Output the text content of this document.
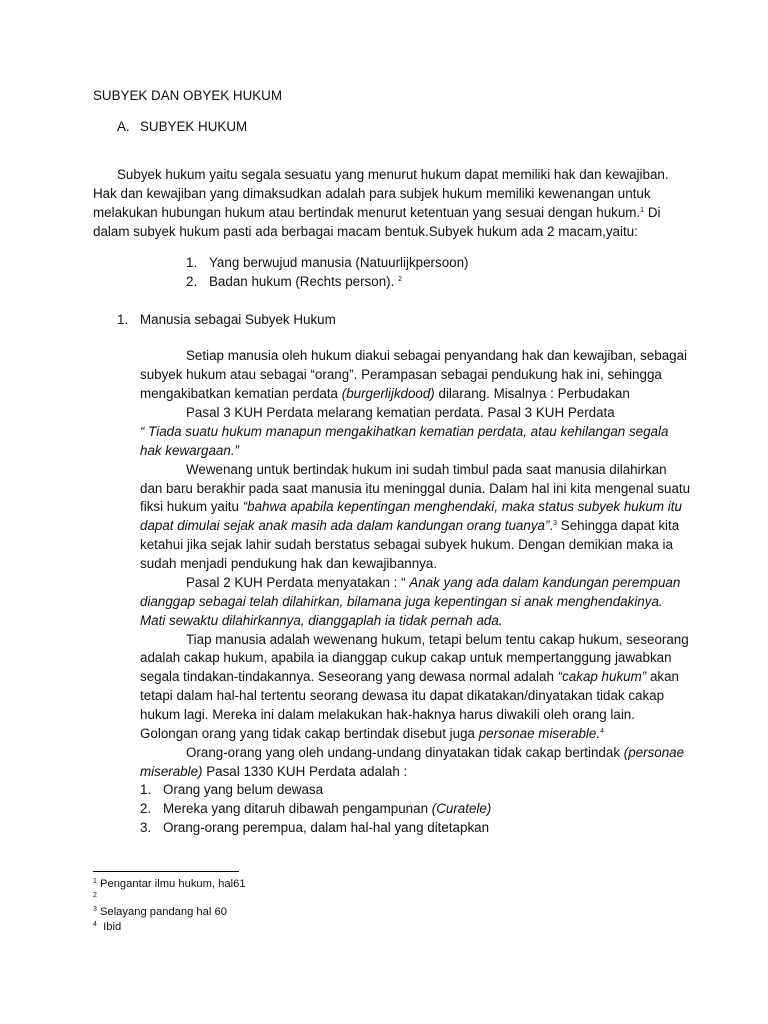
SUBYEK DAN OBYEK HUKUM
A. SUBYEK HUKUM
Subyek hukum yaitu segala sesuatu yang menurut hukum dapat memiliki hak dan kewajiban.
Hak dan kewajiban yang dimaksudkan adalah para subjek hukum memiliki kewenangan untuk
melakukan hubungan hukum atau bertindak menurut ketentuan yang sesuai dengan hukum.$^1$ Di
dalam subyek hukum pasti ada berbagai macam bentuk.Subyek hukum ada 2 macam,yaitu:
1. Yang berwujud manusia (Natuurlijkpersoon)
2. Badan hukum (Rechts person). $^2$
1. Manusia sebagai Subyek Hukum
Setiap manusia oleh hukum diakui sebagai penyandang hak dan kewajiban, sebagai
subyek hukum atau sebagai “orang”. Perampasan sebagai pendukung hak ini, sehingga
mengakibatkan kematian perdata (burgerlijkdood) dilarang. Misalnya : Perbudakan
Pasal 3 KUH Perdata melarang kematian perdata. Pasal 3 KUH Perdata
“ Tiada suatu hukum manapun mengakihatkan kematian perdata, atau kehilangan segala
hak kewargaan.”
Wewenang untuk bertindak hukum ini sudah timbul pada saat manusia dilahirkan
dan baru berakhir pada saat manusia itu meninggal dunia. Dalam hal ini kita mengenal suatu
fiksi hukum yaitu “bahwa apabila kepentingan menghendaki, maka status subyek hukum itu
dapat dimulai sejak anak masih ada dalam kandungan orang tuanya”.$^3$ Sehingga dapat kita
ketahui jika sejak lahir sudah berstatus sebagai subyek hukum. Dengan demikian maka ia
sudah menjadi pendukung hak dan kewajibannya.
Pasal 2 KUH Perdata menyatakan : “ Anak yang ada dalam kandungan perempuan
dianggap sebagai telah dilahirkan, bilamana juga kepentingan si anak menghendakinya.
Mati sewaktu dilahirkannya, dianggaplah ia tidak pernah ada.
Tiap manusia adalah wewenang hukum, tetapi belum tentu cakap hukum, seseorang
adalah cakap hukum, apabila ia dianggap cukup cakap untuk mempertanggung jawabkan
segala tindakan-tindakannya. Seseorang yang dewasa normal adalah “cakap hukum” akan
tetapi dalam hal-hal tertentu seorang dewasa itu dapat dikatakan/dinyatakan tidak cakap
hukum lagi. Mereka ini dalam melakukan hak-haknya harus diwakili oleh orang lain.
Golongan orang yang tidak cakap bertindak disebut juga personae miserable.$^4$
Orang-orang yang oleh undang-undang dinyatakan tidak cakap bertindak (personae
miserable) Pasal 1330 KUH Perdata adalah :
1. Orang yang belum dewasa
2. Mereka yang ditaruh dibawah pengampunan (Curatele)
3. Orang-orang perempua, dalam hal-hal yang ditetapkan
$^1$ Pengantar ilmu hukum, hal61
$^2$
$^3$ Selayang pandang hal 60
$^4$ Ibid
